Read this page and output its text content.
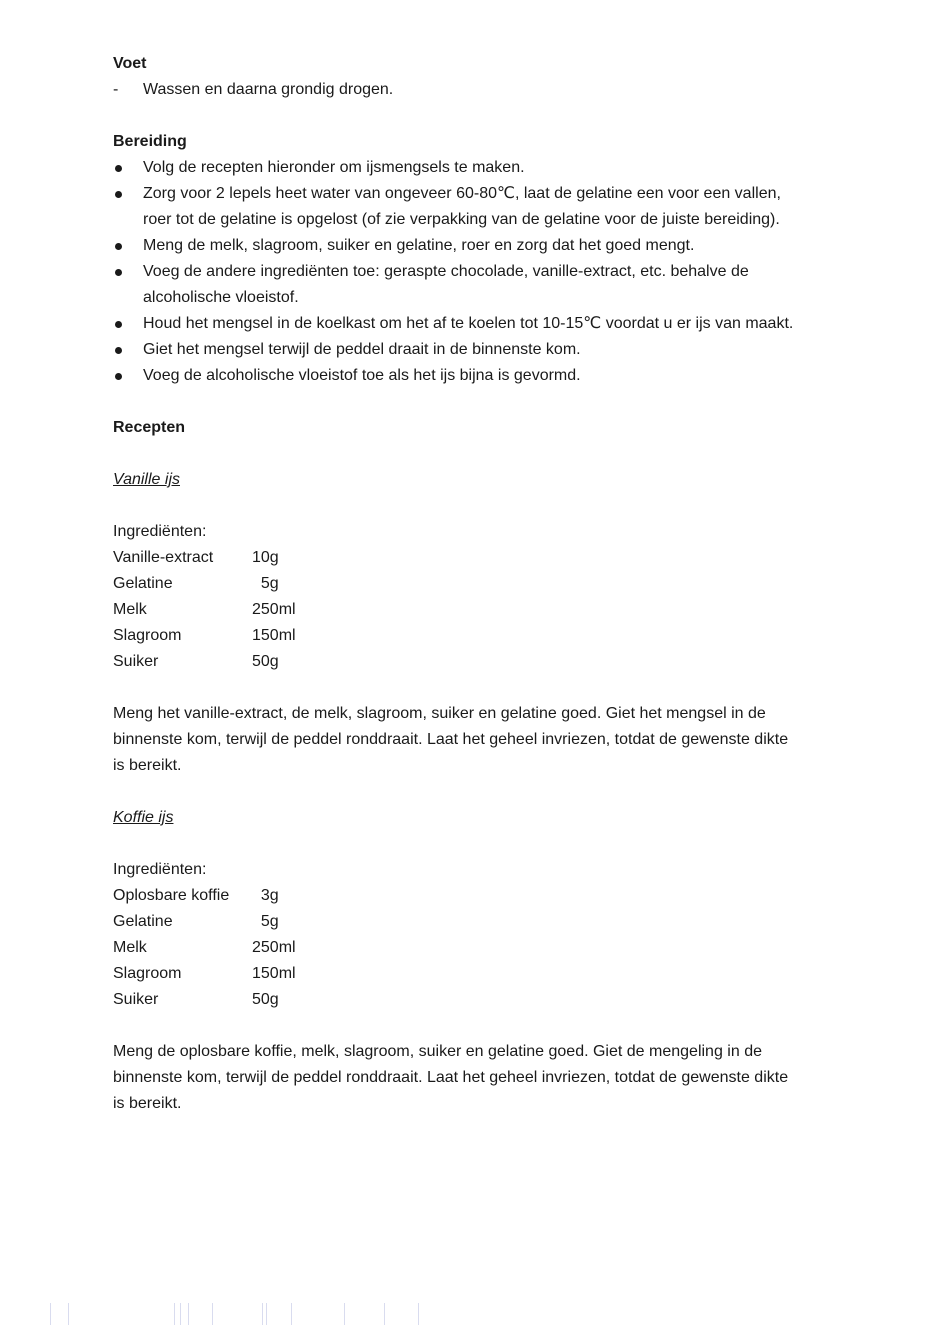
Voet
- Wassen en daarna grondig drogen.
Bereiding
Volg de recepten hieronder om ijsmengsels te maken.
Zorg voor 2 lepels heet water van ongeveer 60-80℃, laat de gelatine een voor een vallen, roer tot de gelatine is opgelost (of zie verpakking van de gelatine voor de juiste bereiding).
Meng de melk, slagroom, suiker en gelatine, roer en zorg dat het goed mengt.
Voeg de andere ingrediënten toe: geraspte chocolade, vanille-extract, etc. behalve de alcoholische vloeistof.
Houd het mengsel in de koelkast om het af te koelen tot 10-15℃ voordat u er ijs van maakt.
Giet het mengsel terwijl de peddel draait in de binnenste kom.
Voeg de alcoholische vloeistof toe als het ijs bijna is gevormd.
Recepten
Vanille ijs
Ingrediënten:
Vanille-extract	10g
Gelatine	5g
Melk	250ml
Slagroom	150ml
Suiker	50g
Meng het vanille-extract, de melk, slagroom, suiker en gelatine goed. Giet het mengsel in de binnenste kom, terwijl de peddel ronddraait. Laat het geheel invriezen, totdat de gewenste dikte is bereikt.
Koffie ijs
Ingrediënten:
Oplosbare koffie	3g
Gelatine	5g
Melk	250ml
Slagroom	150ml
Suiker	50g
Meng de oplosbare koffie, melk, slagroom, suiker en gelatine goed. Giet de mengeling in de binnenste kom, terwijl de peddel ronddraait. Laat het geheel invriezen, totdat de gewenste dikte is bereikt.
